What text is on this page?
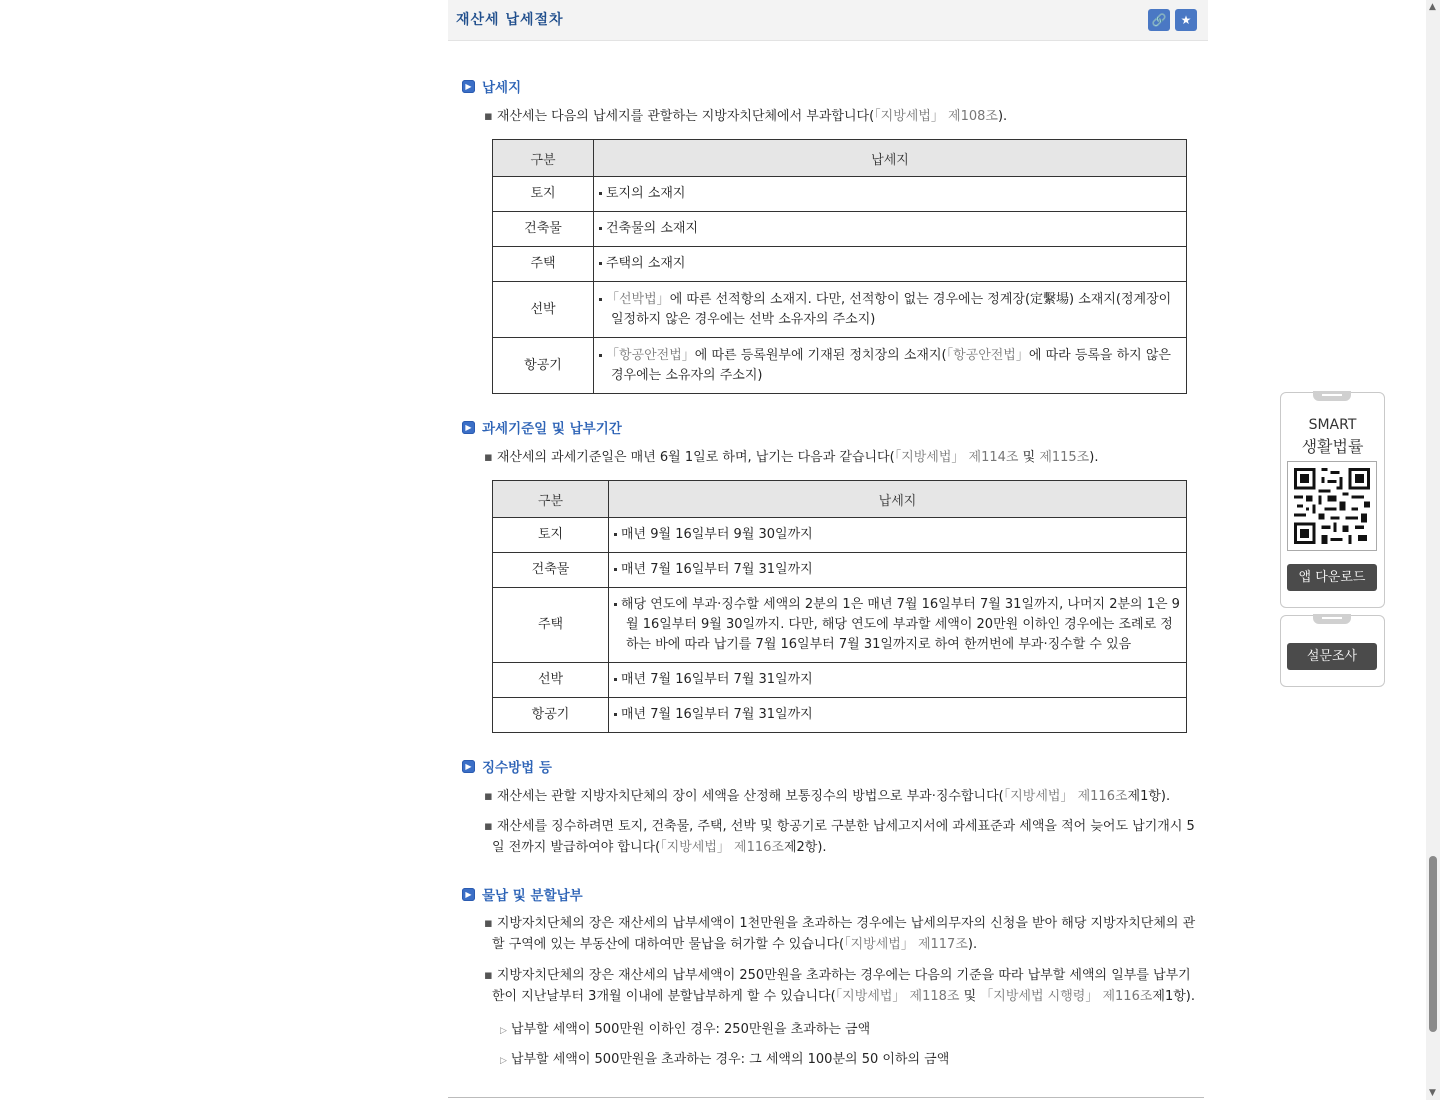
재산세 납세절차	🔗	★
▶ 납세지
▪ 재산세는 다음의 납세지를 관할하는 지방자치단체에서 부과합니다(「지방세법」 제108조).
구분	납세지
토지	토지의 소재지
건축물	건축물의 소재지
주택	주택의 소재지
선박	「선박법」에 따른 선적항의 소재지. 다만, 선적항이 없는 경우에는 정계장(定繫場) 소재지(정계장이 일정하지 않은 경우에는 선박 소유자의 주소지)
항공기	「항공안전법」에 따른 등록원부에 기재된 정치장의 소재지(「항공안전법」에 따라 등록을 하지 않은 경우에는 소유자의 주소지)
▶ 과세기준일 및 납부기간
▪ 재산세의 과세기준일은 매년 6월 1일로 하며, 납기는 다음과 같습니다(「지방세법」 제114조 및 제115조).
구분	납세지
토지	매년 9월 16일부터 9월 30일까지
건축물	매년 7월 16일부터 7월 31일까지
주택	해당 연도에 부과·징수할 세액의 2분의 1은 매년 7월 16일부터 7월 31일까지, 나머지 2분의 1은 9월 16일부터 9월 30일까지. 다만, 해당 연도에 부과할 세액이 20만원 이하인 경우에는 조례로 정하는 바에 따라 납기를 7월 16일부터 7월 31일까지로 하여 한꺼번에 부과·징수할 수 있음
선박	매년 7월 16일부터 7월 31일까지
항공기	매년 7월 16일부터 7월 31일까지
▶ 징수방법 등
▪ 재산세는 관할 지방자치단체의 장이 세액을 산정해 보통징수의 방법으로 부과·징수합니다(「지방세법」 제116조제1항).
▪ 재산세를 징수하려면 토지, 건축물, 주택, 선박 및 항공기로 구분한 납세고지서에 과세표준과 세액을 적어 늦어도 납기개시 5일 전까지 발급하여야 합니다(「지방세법」 제116조제2항).
▶ 물납 및 분할납부
▪ 지방자치단체의 장은 재산세의 납부세액이 1천만원을 초과하는 경우에는 납세의무자의 신청을 받아 해당 지방자치단체의 관할 구역에 있는 부동산에 대하여만 물납을 허가할 수 있습니다(「지방세법」 제117조).
▪ 지방자치단체의 장은 재산세의 납부세액이 250만원을 초과하는 경우에는 다음의 기준을 따라 납부할 세액의 일부를 납부기한이 지난날부터 3개월 이내에 분할납부하게 할 수 있습니다(「지방세법」 제118조 및 「지방세법 시행령」 제116조제1항).
▷ 납부할 세액이 500만원 이하인 경우: 250만원을 초과하는 금액
▷ 납부할 세액이 500만원을 초과하는 경우: 그 세액의 100분의 50 이하의 금액
SMART
생활법률
앱 다운로드
설문조사
▲
▼
